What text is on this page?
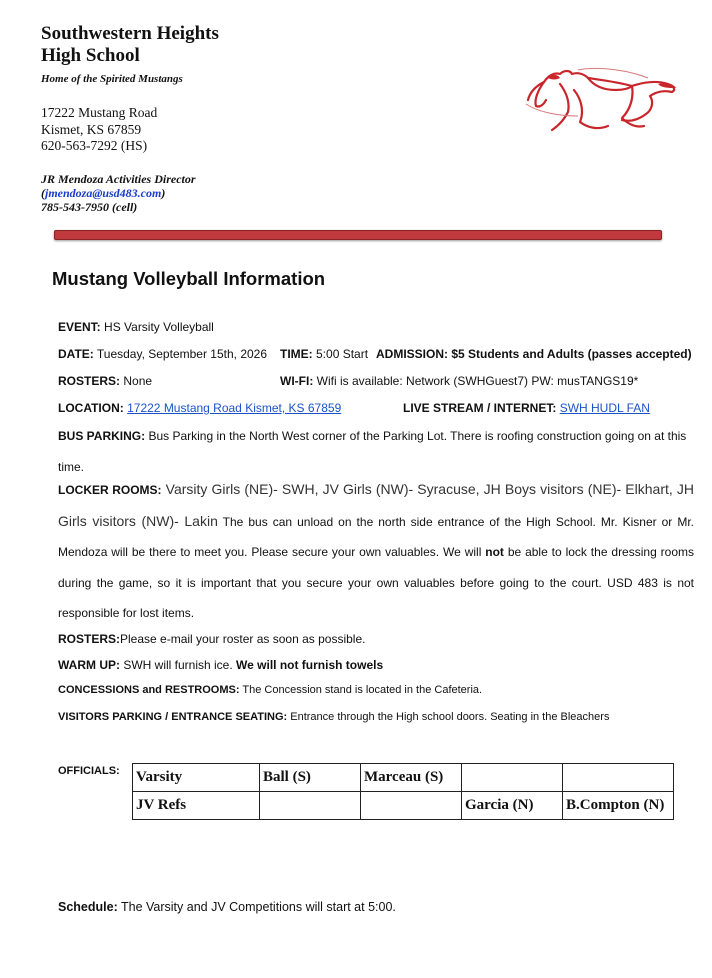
Southwestern Heights
High School
Home of the Spirited Mustangs
17222 Mustang Road
Kismet, KS 67859
620-563-7292 (HS)
JR Mendoza Activities Director
(jmendoza@usd483.com)
785-543-7950 (cell)
Mustang Volleyball Information
EVENT: HS Varsity Volleyball
DATE: Tuesday, September 15th, 2026 TIME: 5:00 Start ADMISSION: $5 Students and Adults (passes accepted)
ROSTERS: None	WI-FI: Wifi is available: Network (SWHGuest7) PW: musTANGS19*
LOCATION: 17222 Mustang Road Kismet, KS 67859	LIVE STREAM / INTERNET: SWH HUDL FAN
BUS PARKING: Bus Parking in the North West corner of the Parking Lot. There is roofing construction going on at this time.
LOCKER ROOMS: Varsity Girls (NE)- SWH, JV Girls (NW)- Syracuse, JH Boys visitors (NE)- Elkhart, JH Girls visitors (NW)- Lakin The bus can unload on the north side entrance of the High School. Mr. Kisner or Mr. Mendoza will be there to meet you. Please secure your own valuables. We will not be able to lock the dressing rooms during the game, so it is important that you secure your own valuables before going to the court. USD 483 is not responsible for lost items.
ROSTERS:Please e-mail your roster as soon as possible.
WARM UP: SWH will furnish ice. We will not furnish towels
CONCESSIONS and RESTROOMS: The Concession stand is located in the Cafeteria.
VISITORS PARKING / ENTRANCE SEATING: Entrance through the High school doors. Seating in the Bleachers
OFFICIALS: Varsity	Ball (S)	Marceau (S)		
JV Refs			Garcia (N)	B.Compton (N)
Schedule: The Varsity and JV Competitions will start at 5:00.
